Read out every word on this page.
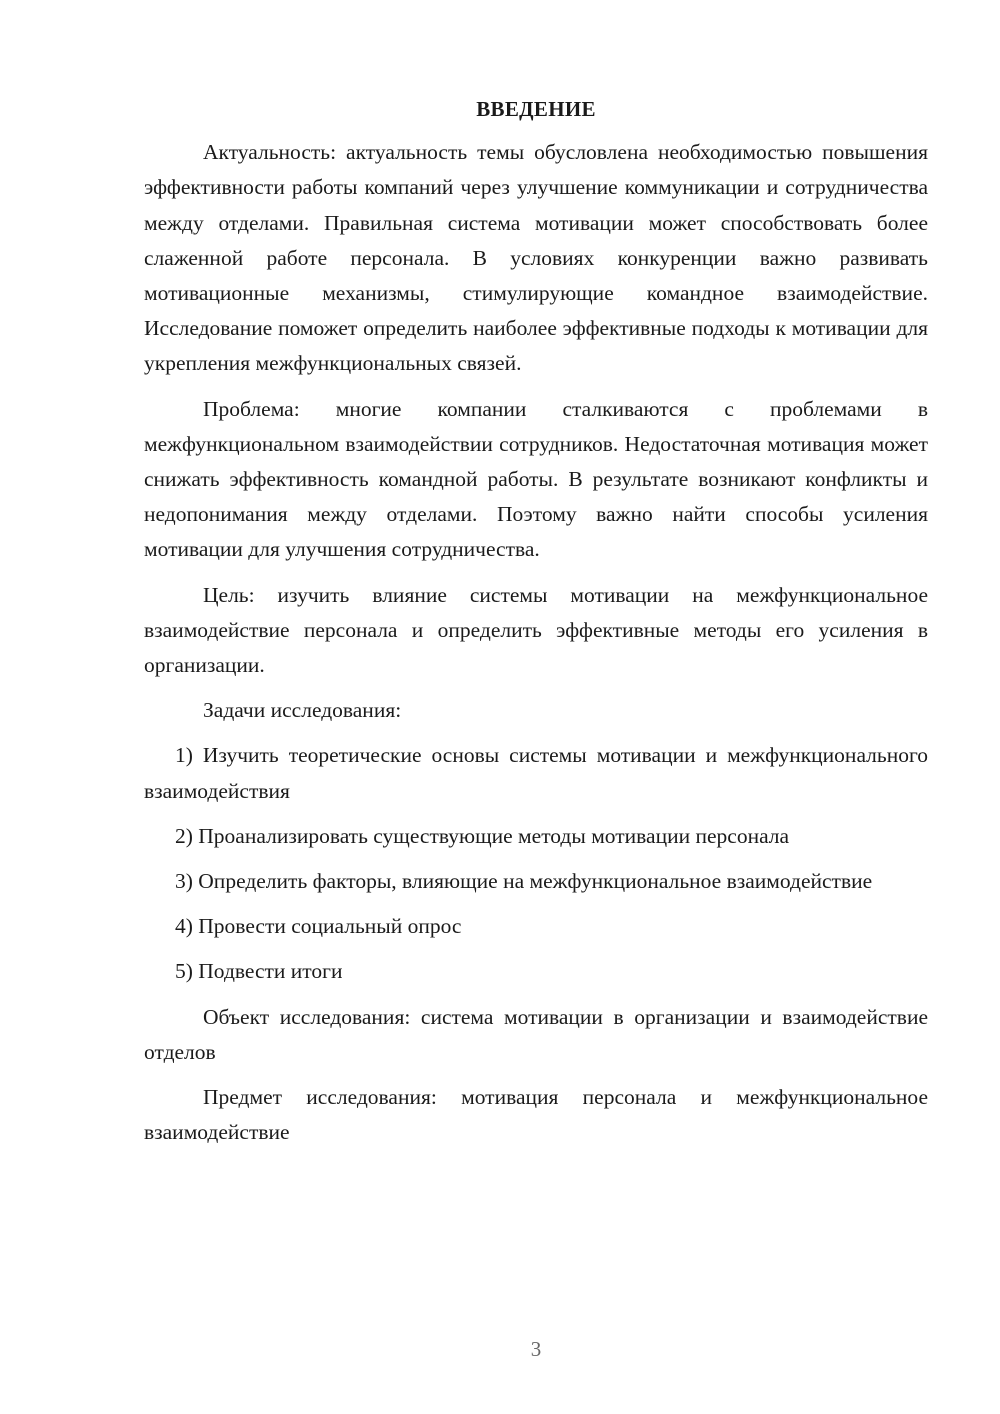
ВВЕДЕНИЕ

Актуальность: актуальность темы обусловлена необходимостью повышения эффективности работы компаний через улучшение коммуникации и сотрудничества между отделами. Правильная система мотивации может способствовать более слаженной работе персонала. В условиях конкуренции важно развивать мотивационные механизмы, стимулирующие командное взаимодействие. Исследование поможет определить наиболее эффективные подходы к мотивации для укрепления межфункциональных связей.

Проблема: многие компании сталкиваются с проблемами в межфункциональном взаимодействии сотрудников. Недостаточная мотивация может снижать эффективность командной работы. В результате возникают конфликты и недопонимания между отделами. Поэтому важно найти способы усиления мотивации для улучшения сотрудничества.

Цель: изучить влияние системы мотивации на межфункциональное взаимодействие персонала и определить эффективные методы его усиления в организации.

Задачи исследования:

1) Изучить теоретические основы системы мотивации и межфункционального взаимодействия

2) Проанализировать существующие методы мотивации персонала

3) Определить факторы, влияющие на межфункциональное взаимодействие

4) Провести социальный опрос

5) Подвести итоги

Объект исследования: система мотивации в организации и взаимодействие отделов

Предмет исследования: мотивация персонала и межфункциональное взаимодействие

3
